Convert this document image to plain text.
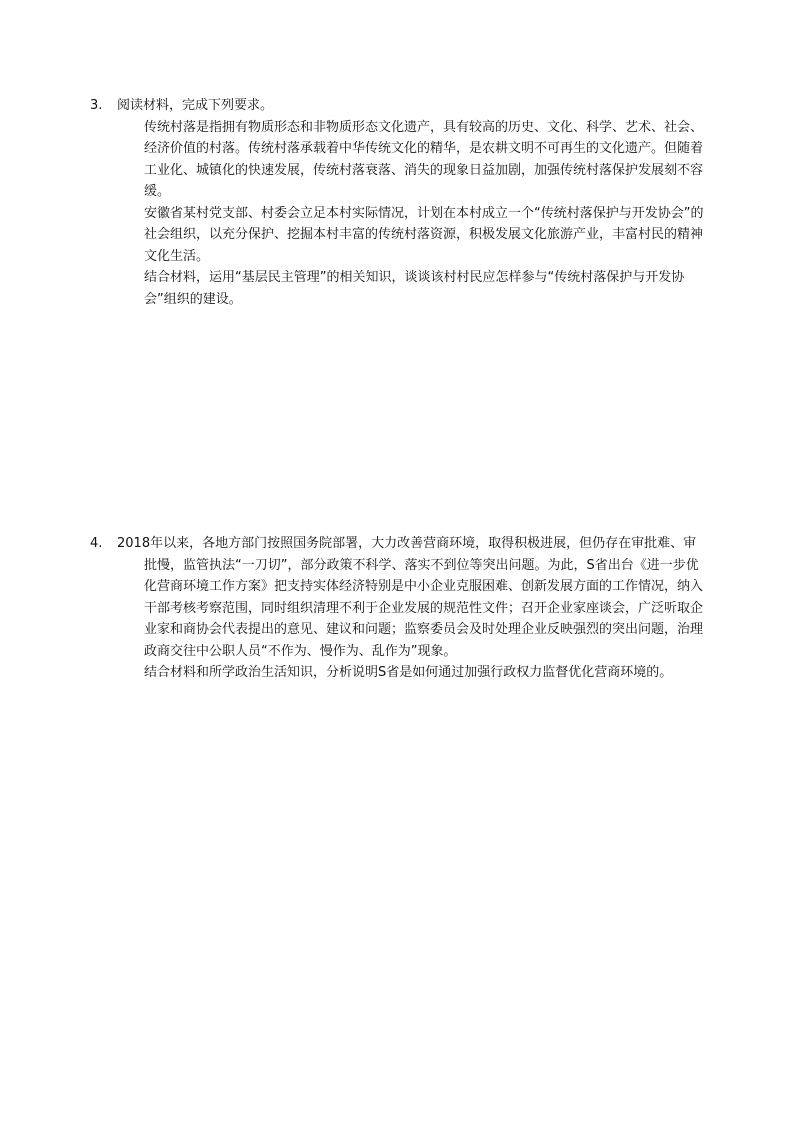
3. 阅读材料，完成下列要求。

传统村落是指拥有物质形态和非物质形态文化遗产，具有较高的历史、文化、科学、艺术、社会、经济价值的村落。传统村落承载着中华传统文化的精华，是农耕文明不可再生的文化遗产。但随着工业化、城镇化的快速发展，传统村落衰落、消失的现象日益加剧，加强传统村落保护发展刻不容缓。

安徽省某村党支部、村委会立足本村实际情况，计划在本村成立一个“传统村落保护与开发协会”的社会组织，以充分保护、挖掘本村丰富的传统村落资源，积极发展文化旅游产业，丰富村民的精神文化生活。

结合材料，运用“基层民主管理”的相关知识，谈谈该村村民应怎样参与“传统村落保护与开发协会”组织的建设。

4. 2018年以来，各地方部门按照国务院部署，大力改善营商环境，取得积极进展，但仍存在审批难、审批慢，监管执法“一刀切”，部分政策不科学、落实不到位等突出问题。为此，S省出台《进一步优化营商环境工作方案》把支持实体经济特别是中小企业克服困难、创新发展方面的工作情况，纳入干部考核考察范围，同时组织清理不利于企业发展的规范性文件；召开企业家座谈会，广泛听取企业家和商协会代表提出的意见、建议和问题；监察委员会及时处理企业反映强烈的突出问题，治理政商交往中公职人员“不作为、慢作为、乱作为”现象。

结合材料和所学政治生活知识，分析说明S省是如何通过加强行政权力监督优化营商环境的。
